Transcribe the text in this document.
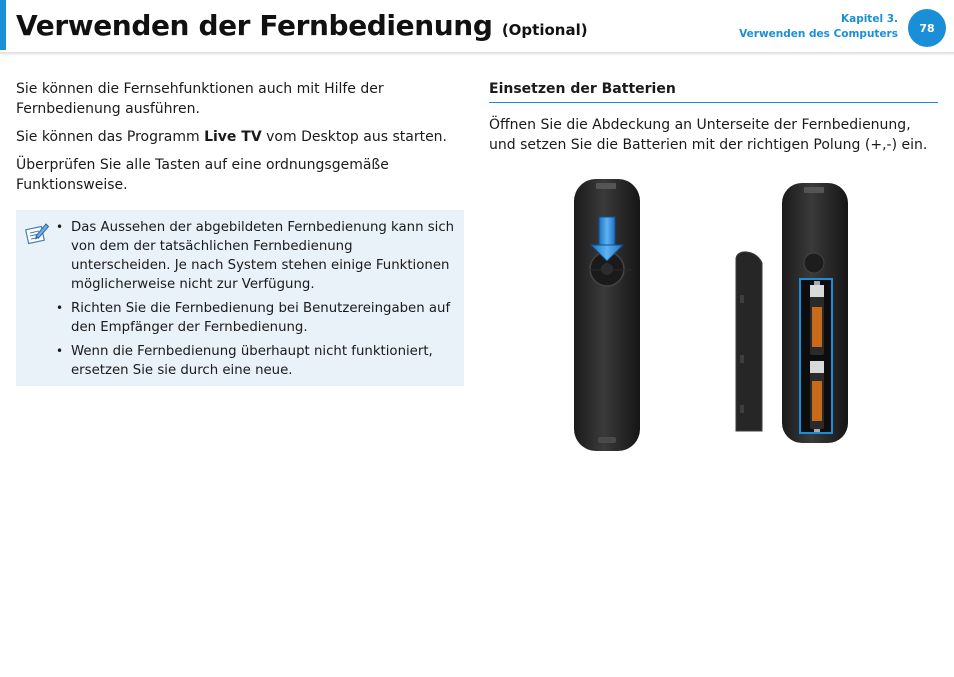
Verwenden der Fernbedienung (Optional)
Kapitel 3.
Verwenden des Computers	78

Sie können die Fernsehfunktionen auch mit Hilfe der Fernbedienung ausführen.

Sie können das Programm Live TV vom Desktop aus starten.

Überprüfen Sie alle Tasten auf eine ordnungsgemäße Funktionsweise.

• Das Aussehen der abgebildeten Fernbedienung kann sich von dem der tatsächlichen Fernbedienung unterscheiden. Je nach System stehen einige Funktionen möglicherweise nicht zur Verfügung.
• Richten Sie die Fernbedienung bei Benutzereingaben auf den Empfänger der Fernbedienung.
• Wenn die Fernbedienung überhaupt nicht funktioniert, ersetzen Sie sie durch eine neue.
Einsetzen der Batterien

Öffnen Sie die Abdeckung an Unterseite der Fernbedienung, und setzen Sie die Batterien mit der richtigen Polung (+,-) ein.
